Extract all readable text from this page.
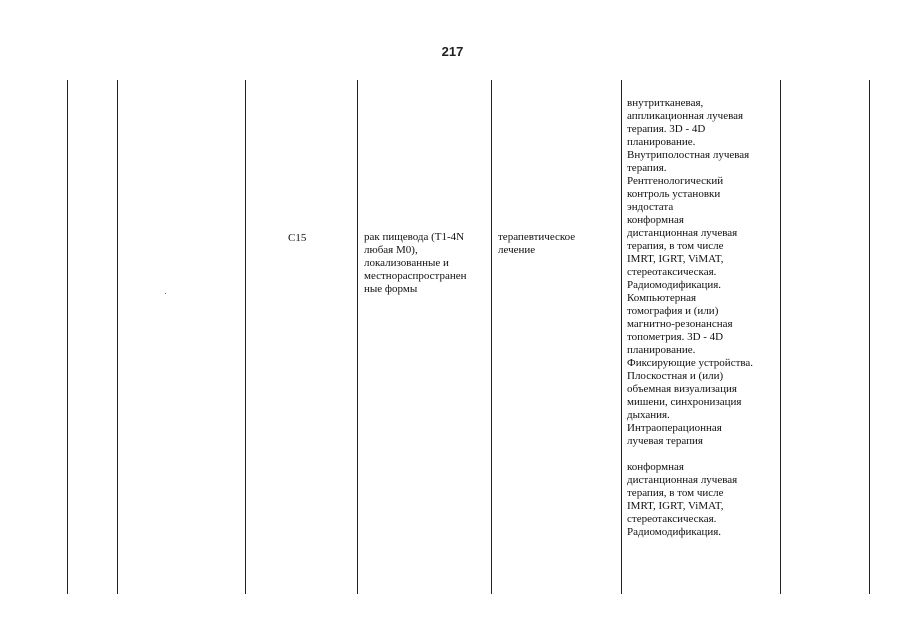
217
C15	рак пищевода (T1-4N
любая M0),
локализованные и
местнораспространен
ные формы
терапевтическое
лечение
внутритканевая,
аппликационная лучевая
терапия. 3D - 4D
планирование.
Внутриполостная лучевая
терапия.
Рентгенологический
контроль установки
эндостата
конформная
дистанционная лучевая
терапия, в том числе
IMRT, IGRT, ViMAT,
стереотаксическая.
Радиомодификация.
Компьютерная
томография и (или)
магнитно-резонансная
топометрия. 3D - 4D
планирование.
Фиксирующие устройства.
Плоскостная и (или)
объемная визуализация
мишени, синхронизация
дыхания.
Интраоперационная
лучевая терапия
конформная
дистанционная лучевая
терапия, в том числе
IMRT, IGRT, ViMAT,
стереотаксическая.
Радиомодификация.
